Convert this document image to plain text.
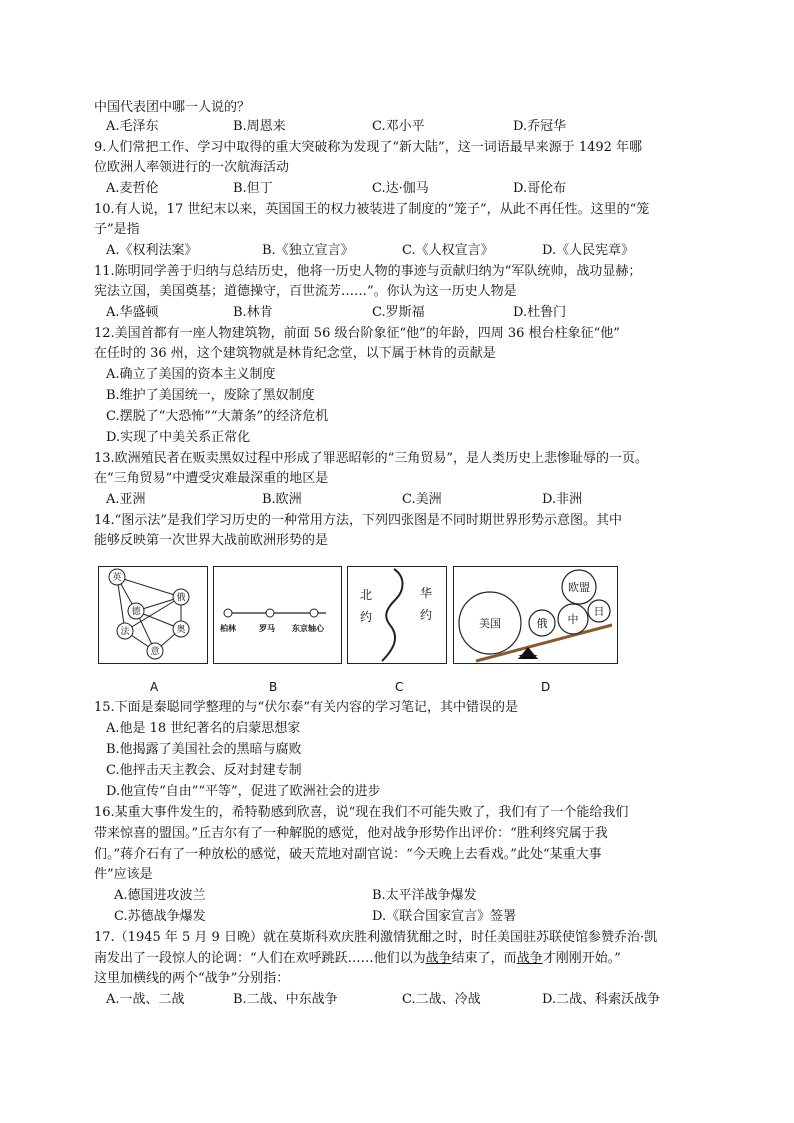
中国代表团中哪一人说的？
A.毛泽东	B.周恩来	C.邓小平	D.乔冠华
9.人们常把工作、学习中取得的重大突破称为发现了“新大陆”，这一词语最早来源于 1492 年哪
位欧洲人率领进行的一次航海活动
A.麦哲伦	B.但丁	C.达·伽马	D.哥伦布
10.有人说，17 世纪末以来，英国国王的权力被装进了制度的“笼子”，从此不再任性。这里的“笼
子”是指
A.《权利法案》	B.《独立宣言》	C.《人权宣言》	D.《人民宪章》
11.陈明同学善于归纳与总结历史，他将一历史人物的事迹与贡献归纳为“军队统帅，战功显赫；
宪法立国，美国奠基；道德操守，百世流芳……”。你认为这一历史人物是
A.华盛顿	B.林肯	C.罗斯福	D.杜鲁门
12.美国首都有一座人物建筑物，前面 56 级台阶象征“他”的年龄，四周 36 根台柱象征“他”
在任时的 36 州，这个建筑物就是林肯纪念堂，以下属于林肯的贡献是
A.确立了美国的资本主义制度
B.维护了美国统一，废除了黑奴制度
C.摆脱了“大恐怖”“大萧条”的经济危机
D.实现了中美关系正常化
13.欧洲殖民者在贩卖黑奴过程中形成了罪恶昭彰的“三角贸易”，是人类历史上悲惨耻辱的一页。
在“三角贸易”中遭受灾难最深重的地区是
A.亚洲	B.欧洲	C.美洲	D.非洲
14.“图示法”是我们学习历史的一种常用方法，下列四张图是不同时期世界形势示意图。其中
能够反映第一次世界大战前欧洲形势的是
英
德
俄
法	奥
意
柏林	罗马 东京轴心
北
约
华
约
美国	俄 中
欧盟
日
A	B	C	D
15.下面是秦聪同学整理的与“伏尔泰”有关内容的学习笔记，其中错误的是
A.他是 18 世纪著名的启蒙思想家
B.他揭露了美国社会的黑暗与腐败
C.他抨击天主教会、反对封建专制
D.他宣传“自由”“平等”，促进了欧洲社会的进步
16.某重大事件发生的，希特勒感到欣喜，说“现在我们不可能失败了，我们有了一个能给我们
带来惊喜的盟国。”丘吉尔有了一种解脱的感觉，他对战争形势作出评价：“胜利终究属于我
们。”蒋介石有了一种放松的感觉，破天荒地对副官说：“今天晚上去看戏。”此处“某重大事
件”应该是
A.德国进攻波兰	B.太平洋战争爆发
C.苏德战争爆发	D.《联合国家宣言》签署
17.（1945 年 5 月 9 日晚）就在莫斯科欢庆胜利激情犹酣之时，时任美国驻苏联使馆参赞乔治·凯
南发出了一段惊人的论调：“人们在欢呼跳跃……他们以为战争结束了，而战争才刚刚开始。”
这里加横线的两个“战争”分别指：
A.一战、二战	B.二战、中东战争	C.二战、冷战	D.二战、科索沃战争
